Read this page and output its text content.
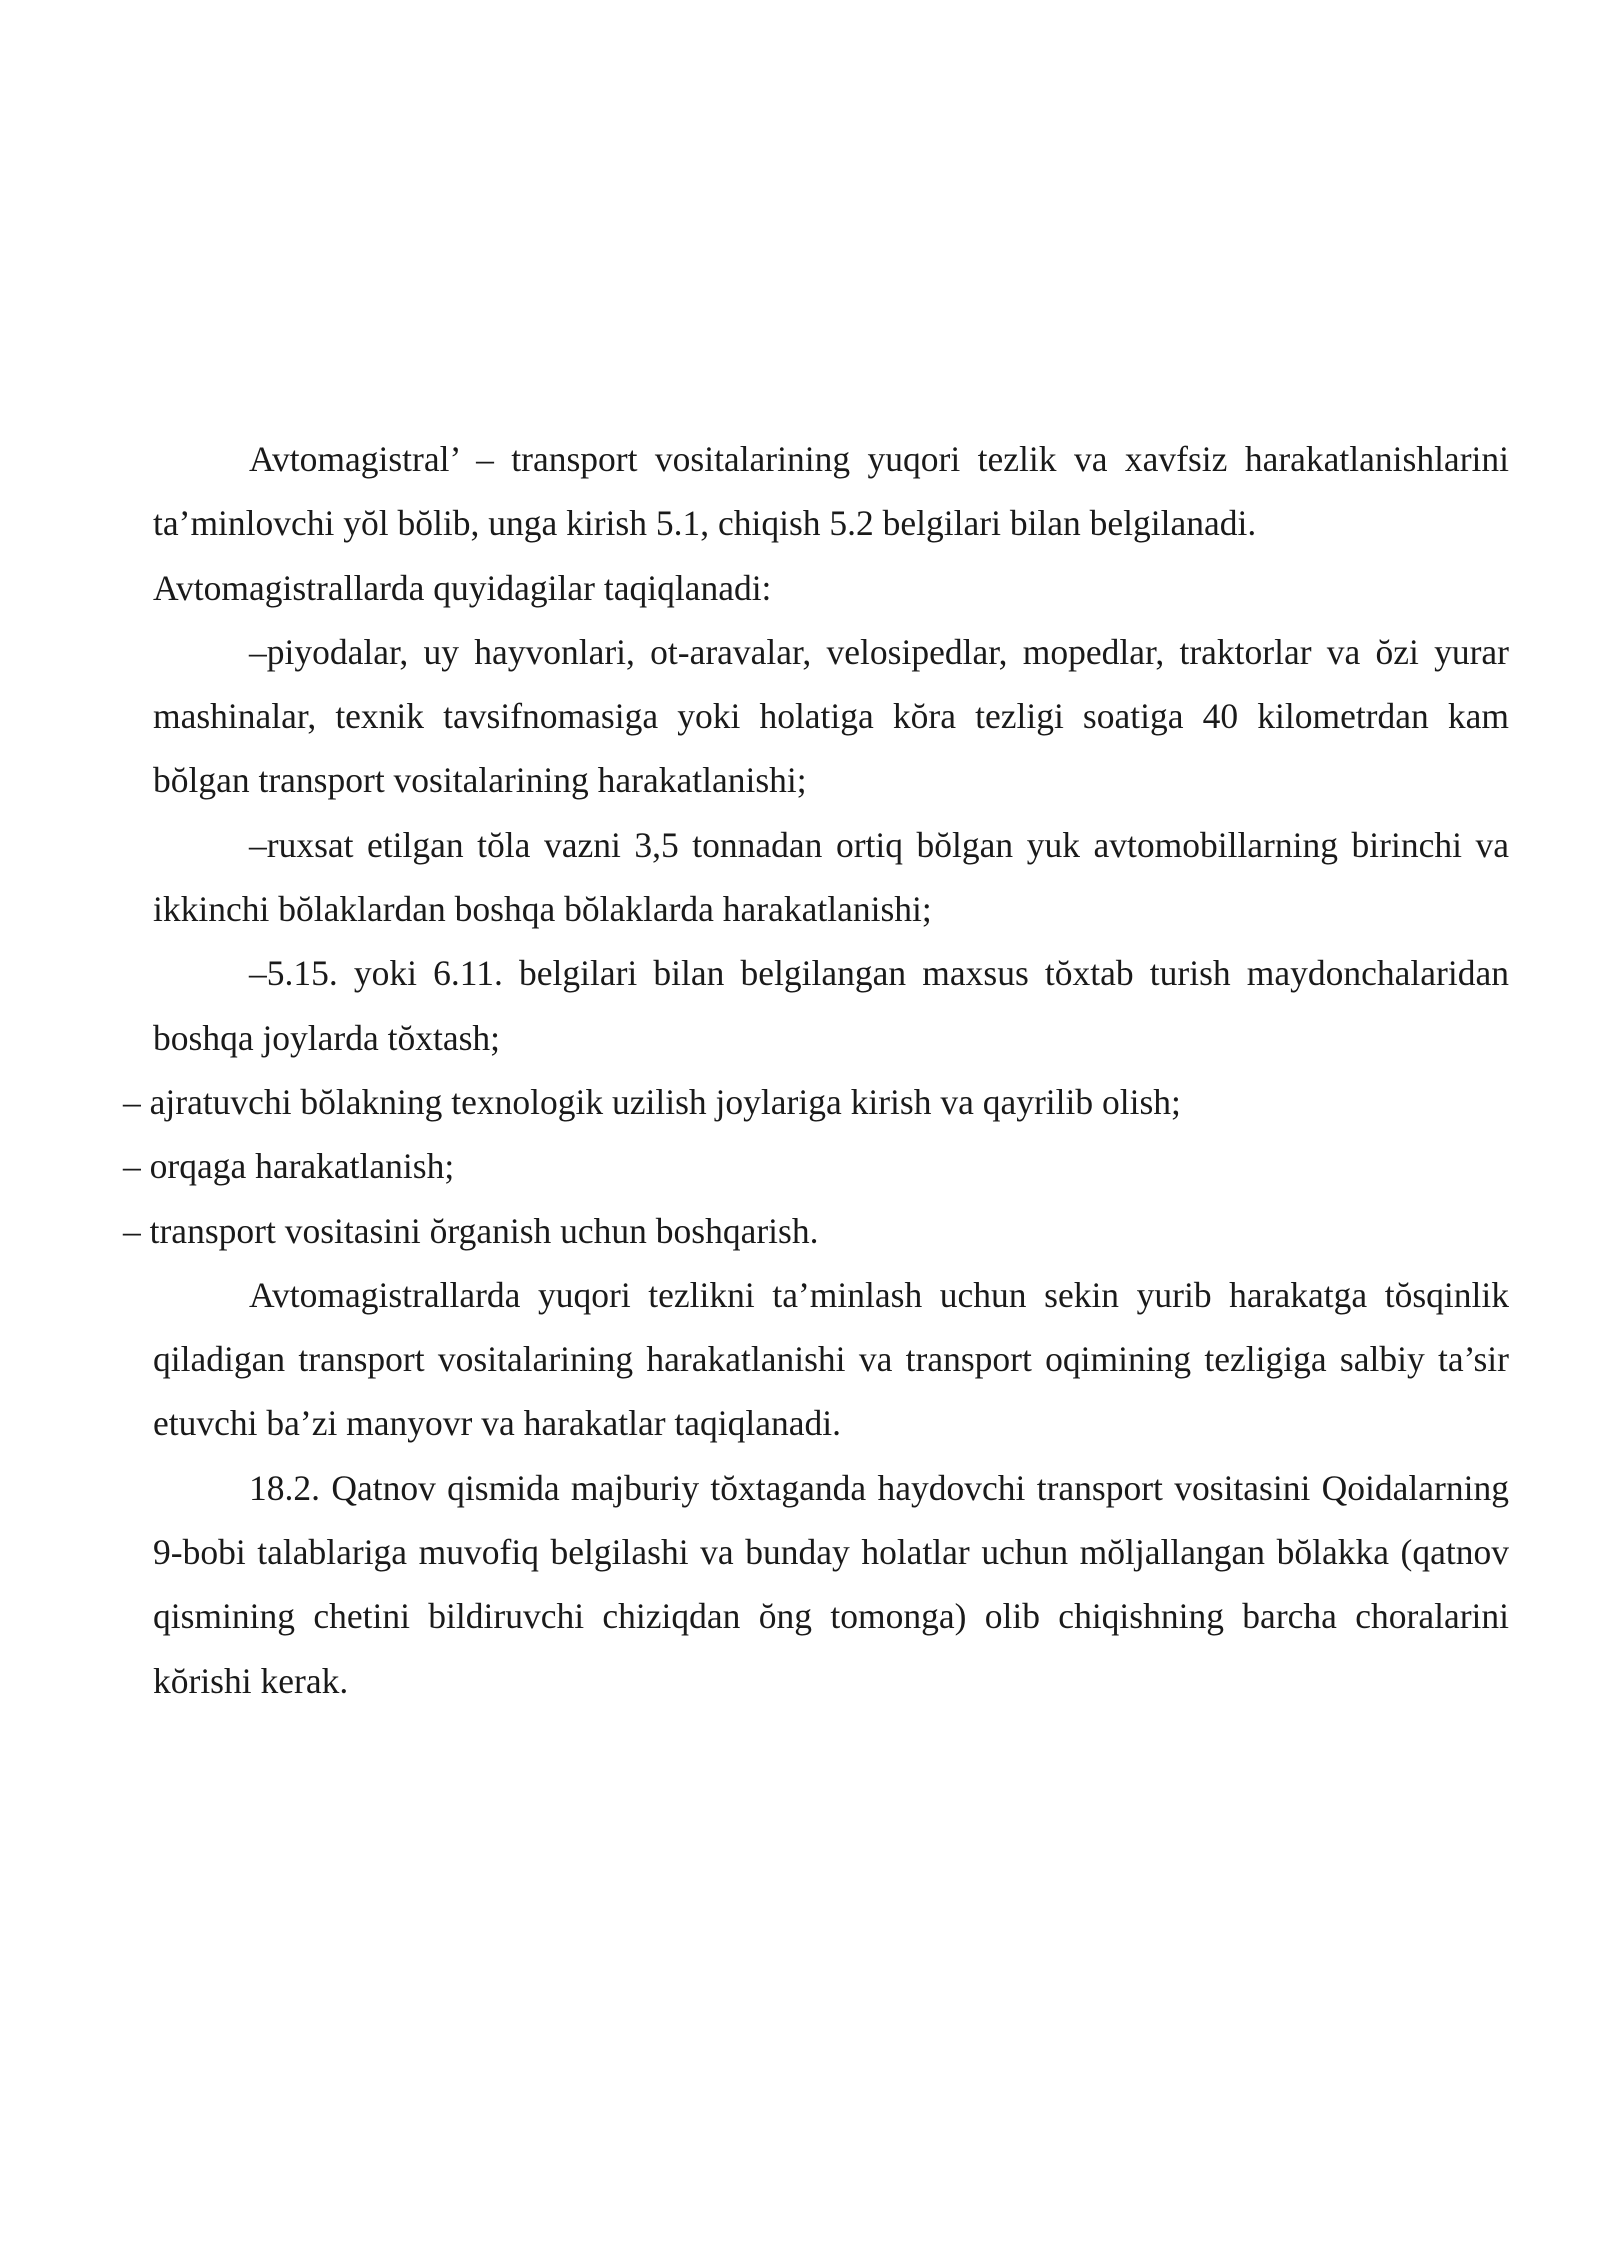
Avtomagistral’ – transport vositalarining yuqori tezlik va xavfsiz harakatlanishlarini ta’minlovchi yŏl bŏlib, unga kirish 5.1, chiqish 5.2 belgilari bilan belgilanadi.

Avtomagistrallarda quyidagilar taqiqlanadi:

–piyodalar, uy hayvonlari, ot-aravalar, velosipedlar, mopedlar, traktorlar va ŏzi yurar mashinalar, texnik tavsifnomasiga yoki holatiga kŏra tezligi soatiga 40 kilometrdan kam bŏlgan transport vositalarining harakatlanishi;

–ruxsat etilgan tŏla vazni 3,5 tonnadan ortiq bŏlgan yuk avtomobillarning birinchi va ikkinchi bŏlaklardan boshqa bŏlaklarda harakatlanishi;

–5.15. yoki 6.11. belgilari bilan belgilangan maxsus tŏxtab turish maydonchalaridan boshqa joylarda tŏxtash;

– ajratuvchi bŏlakning texnologik uzilish joylariga kirish va qayrilib olish;

– orqaga harakatlanish;

– transport vositasini ŏrganish uchun boshqarish.

Avtomagistrallarda yuqori tezlikni ta’minlash uchun sekin yurib harakatga tŏsqinlik qiladigan transport vositalarining harakatlanishi va transport oqimining tezligiga salbiy ta’sir etuvchi ba’zi manyovr va harakatlar taqiqlanadi.

18.2. Qatnov qismida majburiy tŏxtaganda haydovchi transport vositasini Qoidalarning 9-bobi talablariga muvofiq belgilashi va bunday holatlar uchun mŏljallangan bŏlakka (qatnov qismining chetini bildiruvchi chiziqdan ŏng tomonga) olib chiqishning barcha choralarini kŏrishi kerak.
